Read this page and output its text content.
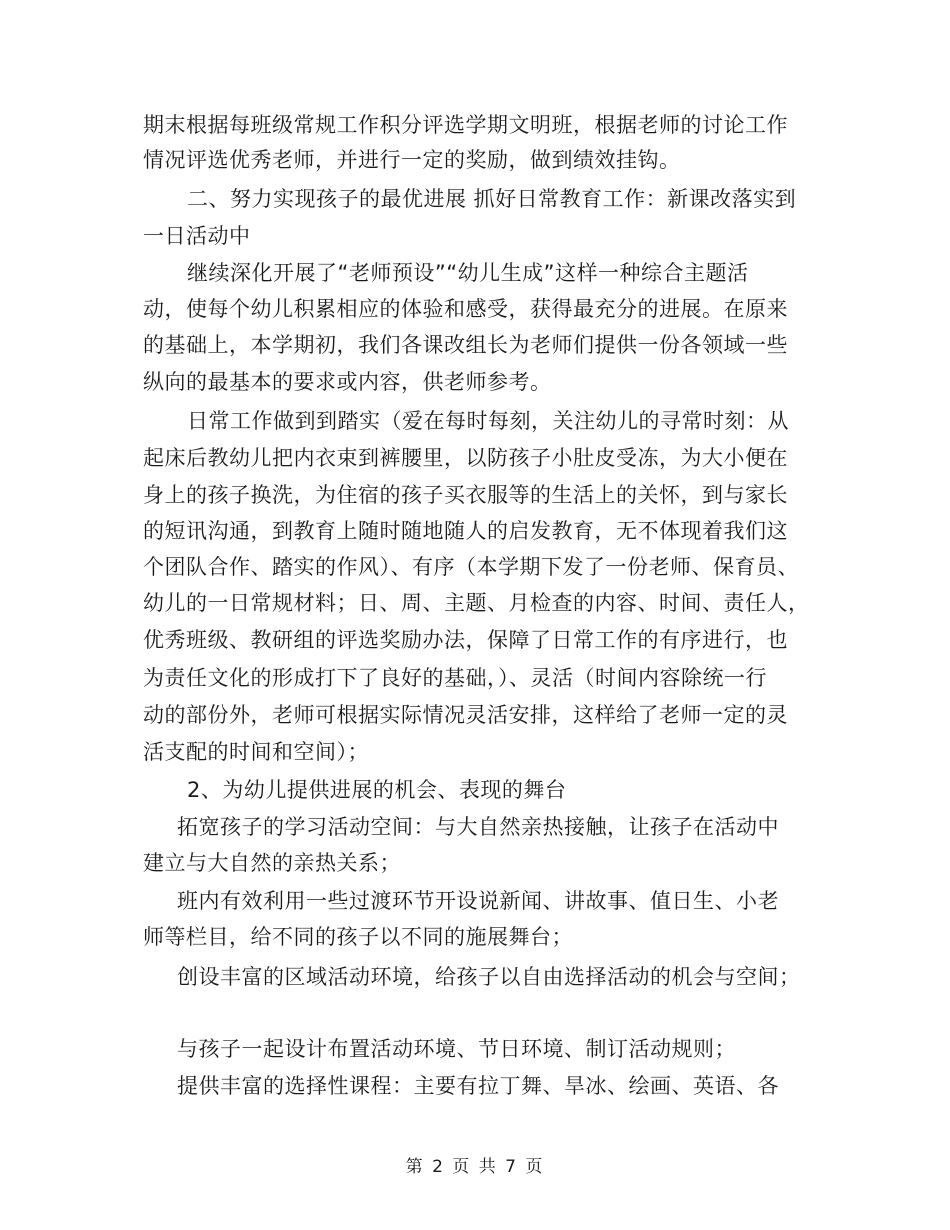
期末根据每班级常规工作积分评选学期文明班，根据老师的讨论工作
情况评选优秀老师，并进行一定的奖励，做到绩效挂钩。
二、努力实现孩子的最优进展 抓好日常教育工作：新课改落实到
一日活动中
继续深化开展了“老师预设”“幼儿生成”这样一种综合主题活
动，使每个幼儿积累相应的体验和感受，获得最充分的进展。在原来
的基础上，本学期初，我们各课改组长为老师们提供一份各领域一些
纵向的最基本的要求或内容，供老师参考。
日常工作做到到踏实（爱在每时每刻，关注幼儿的寻常时刻：从
起床后教幼儿把内衣束到裤腰里，以防孩子小肚皮受冻，为大小便在
身上的孩子换洗，为住宿的孩子买衣服等的生活上的关怀，到与家长
的短讯沟通，到教育上随时随地随人的启发教育，无不体现着我们这
个团队合作、踏实的作风）、有序（本学期下发了一份老师、保育员、
幼儿的一日常规材料；日、周、主题、月检查的内容、时间、责任人，
优秀班级、教研组的评选奖励办法，保障了日常工作的有序进行，也
为责任文化的形成打下了良好的基础，）、灵活（时间内容除统一行
动的部份外，老师可根据实际情况灵活安排，这样给了老师一定的灵
活支配的时间和空间）；
2、为幼儿提供进展的机会、表现的舞台
拓宽孩子的学习活动空间：与大自然亲热接触，让孩子在活动中
建立与大自然的亲热关系；
班内有效利用一些过渡环节开设说新闻、讲故事、值日生、小老
师等栏目，给不同的孩子以不同的施展舞台；
创设丰富的区域活动环境，给孩子以自由选择活动的机会与空间；
与孩子一起设计布置活动环境、节日环境、制订活动规则；
提供丰富的选择性课程：主要有拉丁舞、旱冰、绘画、英语、各
第 2 页 共 7 页
